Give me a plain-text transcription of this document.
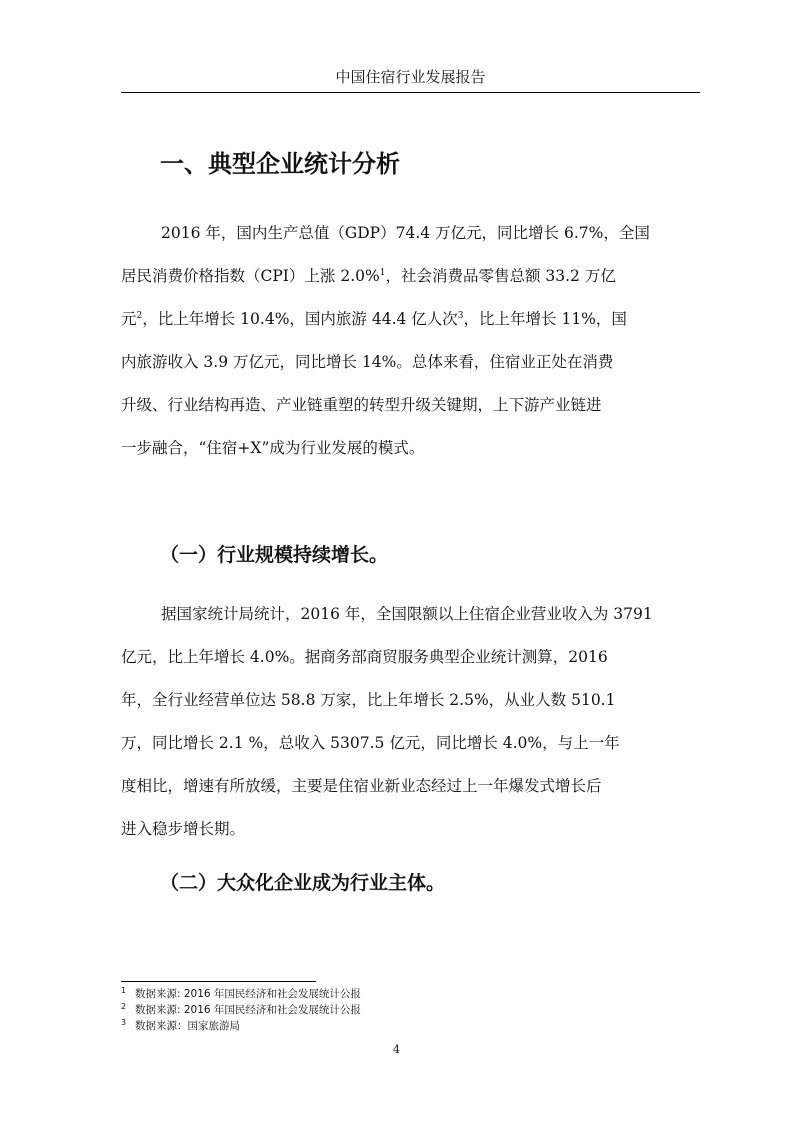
中国住宿行业发展报告
一、典型企业统计分析
2016 年，国内生产总值（GDP）74.4 万亿元，同比增长 6.7%，全国
居民消费价格指数（CPI）上涨 2.0%$^1$，社会消费品零售总额 33.2 万亿
元$^2$，比上年增长 10.4%，国内旅游 44.4 亿人次$^3$，比上年增长 11%，国
内旅游收入 3.9 万亿元，同比增长 14%。总体来看，住宿业正处在消费
升级、行业结构再造、产业链重塑的转型升级关键期，上下游产业链进
一步融合，“住宿+X”成为行业发展的模式。
（一）行业规模持续增长。
据国家统计局统计，2016 年，全国限额以上住宿企业营业收入为 3791
亿元，比上年增长 4.0%。据商务部商贸服务典型企业统计测算，2016
年，全行业经营单位达 58.8 万家，比上年增长 2.5%，从业人数 510.1
万，同比增长 2.1 %，总收入 5307.5 亿元，同比增长 4.0%，与上一年
度相比，增速有所放缓，主要是住宿业新业态经过上一年爆发式增长后
进入稳步增长期。
（二）大众化企业成为行业主体。
$^1$ 数据来源: 2016 年国民经济和社会发展统计公报
$^2$ 数据来源: 2016 年国民经济和社会发展统计公报
$^3$ 数据来源：国家旅游局
4
